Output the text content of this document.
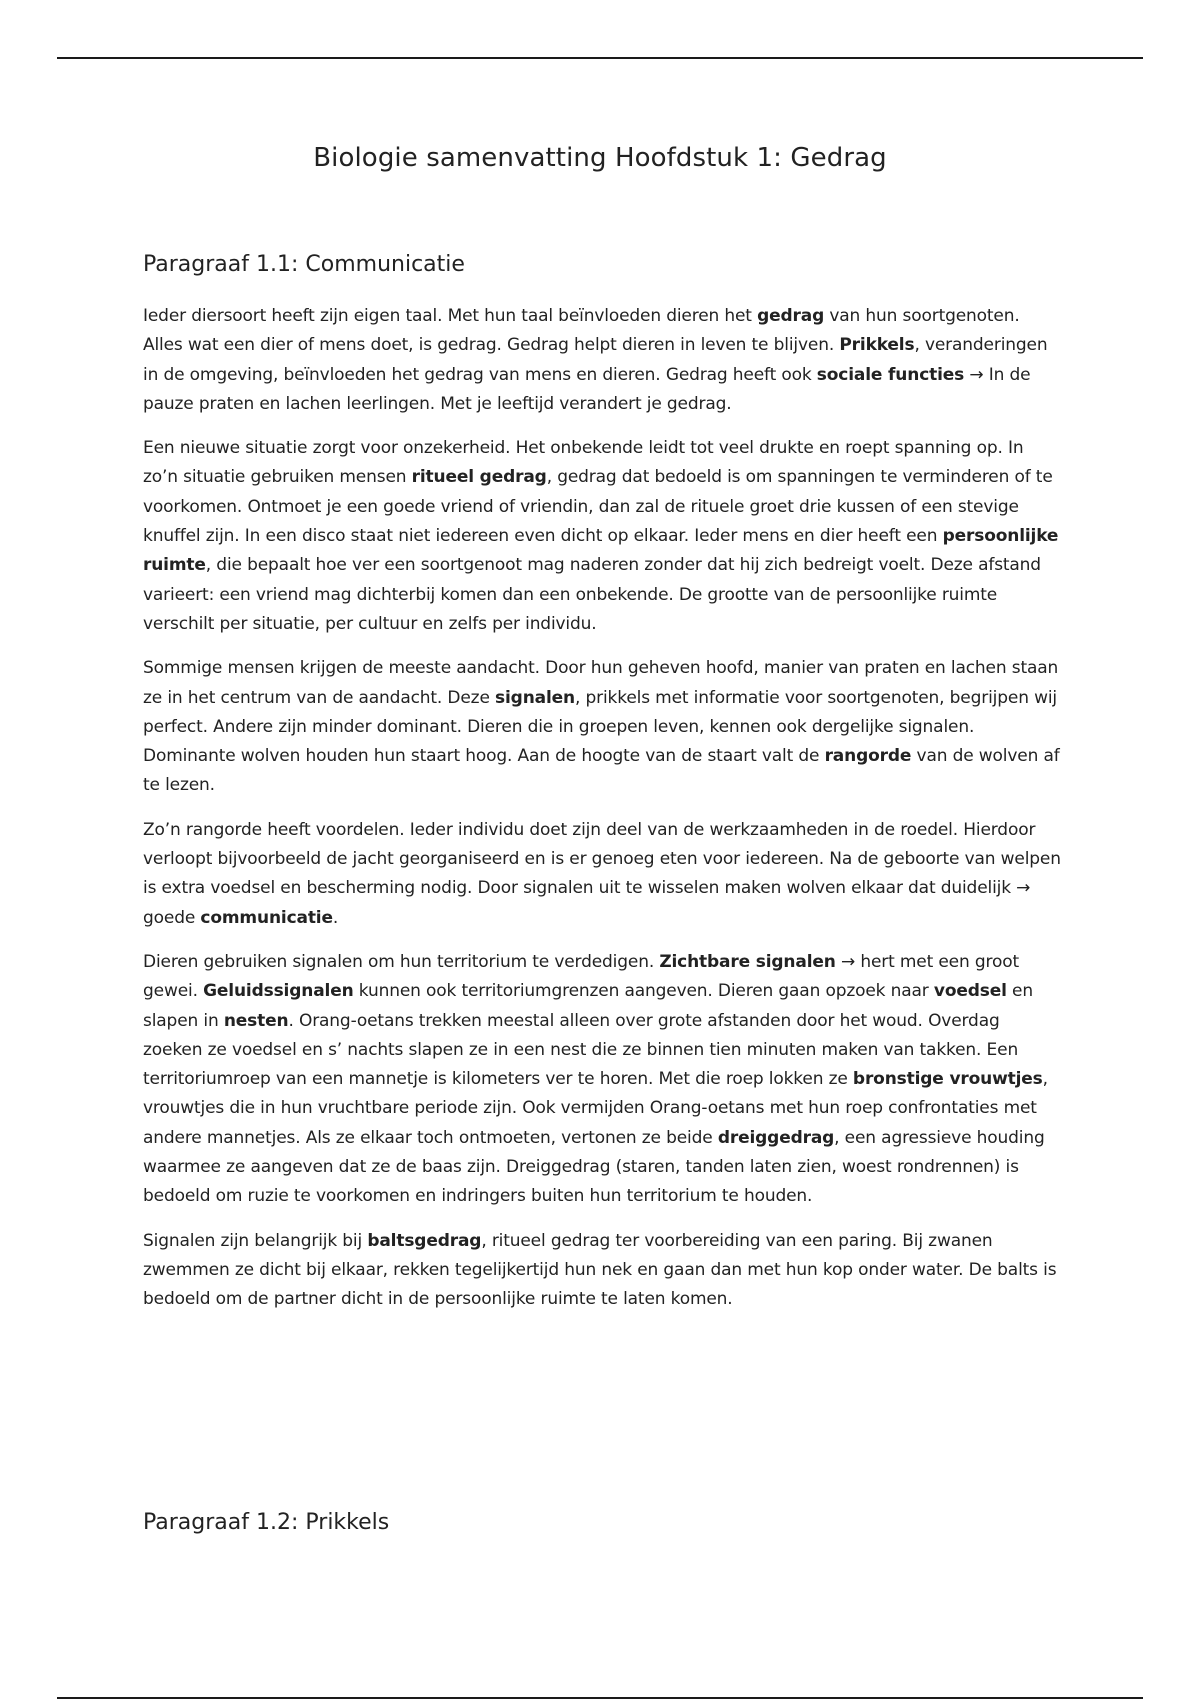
Biologie samenvatting Hoofdstuk 1: Gedrag
Paragraaf 1.1: Communicatie

Ieder diersoort heeft zijn eigen taal. Met hun taal beïnvloeden dieren het gedrag van hun soortgenoten. Alles wat een dier of mens doet, is gedrag. Gedrag helpt dieren in leven te blijven. Prikkels, veranderingen in de omgeving, beïnvloeden het gedrag van mens en dieren. Gedrag heeft ook sociale functies → In de pauze praten en lachen leerlingen. Met je leeftijd verandert je gedrag.

Een nieuwe situatie zorgt voor onzekerheid. Het onbekende leidt tot veel drukte en roept spanning op. In zo’n situatie gebruiken mensen ritueel gedrag, gedrag dat bedoeld is om spanningen te verminderen of te voorkomen. Ontmoet je een goede vriend of vriendin, dan zal de rituele groet drie kussen of een stevige knuffel zijn. In een disco staat niet iedereen even dicht op elkaar. Ieder mens en dier heeft een persoonlijke ruimte, die bepaalt hoe ver een soortgenoot mag naderen zonder dat hij zich bedreigt voelt. Deze afstand varieert: een vriend mag dichterbij komen dan een onbekende. De grootte van de persoonlijke ruimte verschilt per situatie, per cultuur en zelfs per individu.

Sommige mensen krijgen de meeste aandacht. Door hun geheven hoofd, manier van praten en lachen staan ze in het centrum van de aandacht. Deze signalen, prikkels met informatie voor soortgenoten, begrijpen wij perfect. Andere zijn minder dominant. Dieren die in groepen leven, kennen ook dergelijke signalen. Dominante wolven houden hun staart hoog. Aan de hoogte van de staart valt de rangorde van de wolven af te lezen.

Zo’n rangorde heeft voordelen. Ieder individu doet zijn deel van de werkzaamheden in de roedel. Hierdoor verloopt bijvoorbeeld de jacht georganiseerd en is er genoeg eten voor iedereen. Na de geboorte van welpen is extra voedsel en bescherming nodig. Door signalen uit te wisselen maken wolven elkaar dat duidelijk → goede communicatie.

Dieren gebruiken signalen om hun territorium te verdedigen. Zichtbare signalen → hert met een groot gewei. Geluidssignalen kunnen ook territoriumgrenzen aangeven. Dieren gaan opzoek naar voedsel en slapen in nesten. Orang-oetans trekken meestal alleen over grote afstanden door het woud. Overdag zoeken ze voedsel en s’ nachts slapen ze in een nest die ze binnen tien minuten maken van takken. Een territoriumroep van een mannetje is kilometers ver te horen. Met die roep lokken ze bronstige vrouwtjes, vrouwtjes die in hun vruchtbare periode zijn. Ook vermijden Orang-oetans met hun roep confrontaties met andere mannetjes. Als ze elkaar toch ontmoeten, vertonen ze beide dreiggedrag, een agressieve houding waarmee ze aangeven dat ze de baas zijn. Dreiggedrag (staren, tanden laten zien, woest rondrennen) is bedoeld om ruzie te voorkomen en indringers buiten hun territorium te houden.

Signalen zijn belangrijk bij baltsgedrag, ritueel gedrag ter voorbereiding van een paring. Bij zwanen zwemmen ze dicht bij elkaar, rekken tegelijkertijd hun nek en gaan dan met hun kop onder water. De balts is bedoeld om de partner dicht in de persoonlijke ruimte te laten komen.

Paragraaf 1.2: Prikkels
